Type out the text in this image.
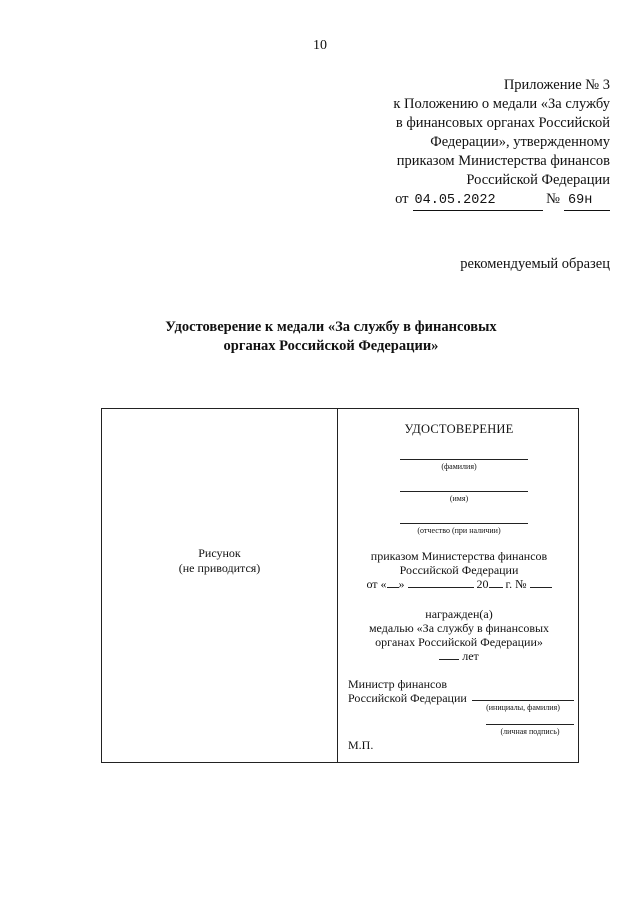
10
Приложение № 3
к Положению о медали «За службу
в финансовых органах Российской
Федерации», утвержденному
приказом Министерства финансов
Российской Федерации
от 04.05.2022	№ 69н
рекомендуемый образец
Удостоверение к медали «За службу в финансовых
органах Российской Федерации»
Рисунок
(не приводится)
УДОСТОВЕРЕНИЕ
(фамилия)
(имя)
(отчество (при наличии)
приказом Министерства финансов
Российской Федерации
от « »	20 г. №
награжден(а)
медалью «За службу в финансовых
органах Российской Федерации»
лет
Министр финансов
Российской Федерации
(инициалы, фамилия)
(личная подпись)
М.П.
